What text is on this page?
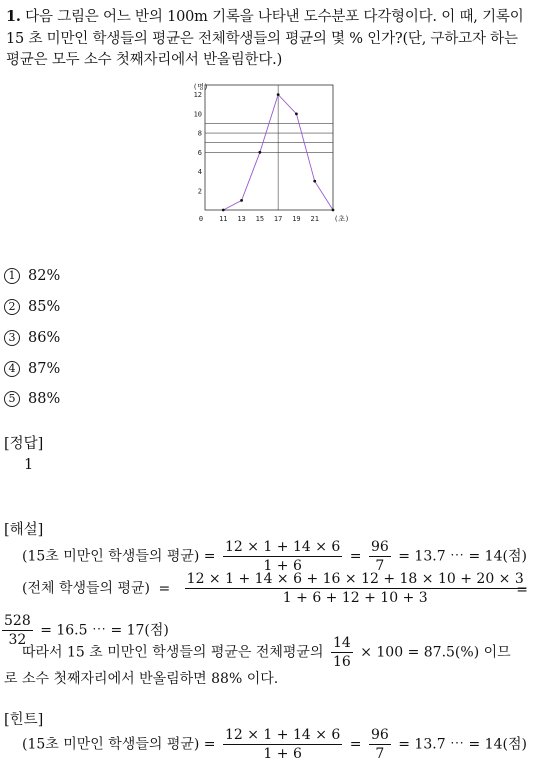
1. 다음 그림은 어느 반의 100m 기록을 나타낸 도수분포 다각형이다. 이 때, 기록이 15 초 미만인 학생들의 평균은 전체학생들의 평균의 몇 % 인가?(단, 구하고자 하는 평균은 모두 소수 첫째자리에서 반올림한다.)
2
4
6
8
10
12
0 11 13 15 17 19 21
(명)
(초)
1 82%
2 85%
3 86%
4 87%
5 88%
[정답]
1
[해설]
(15초 미만인 학생들의 평균) = $\frac{12 \times 1 + 14 \times 6}{1 + 6} = \frac{96}{7} = 13.7$ ⋯ = 14(점)
(전체 학생들의 평균) = $\frac{12 \times 1 + 14 \times 6 + 16 \times 12 + 18 \times 10 + 20 \times 3}{1 + 6 + 12 + 10 + 3}$
=
$\frac{528}{32} = 16.5$ ⋯ = 17(점)
따라서 15 초 미만인 학생들의 평균은 전체평균의 $\frac{14}{16} \times 100 = 87.5(\%)$ 이므
로 소수 첫째자리에서 반올림하면 88% 이다.
[힌트]
(15초 미만인 학생들의 평균) = $\frac{12 \times 1 + 14 \times 6}{1 + 6} = \frac{96}{7} = 13.7$ ⋯ = 14(점)
